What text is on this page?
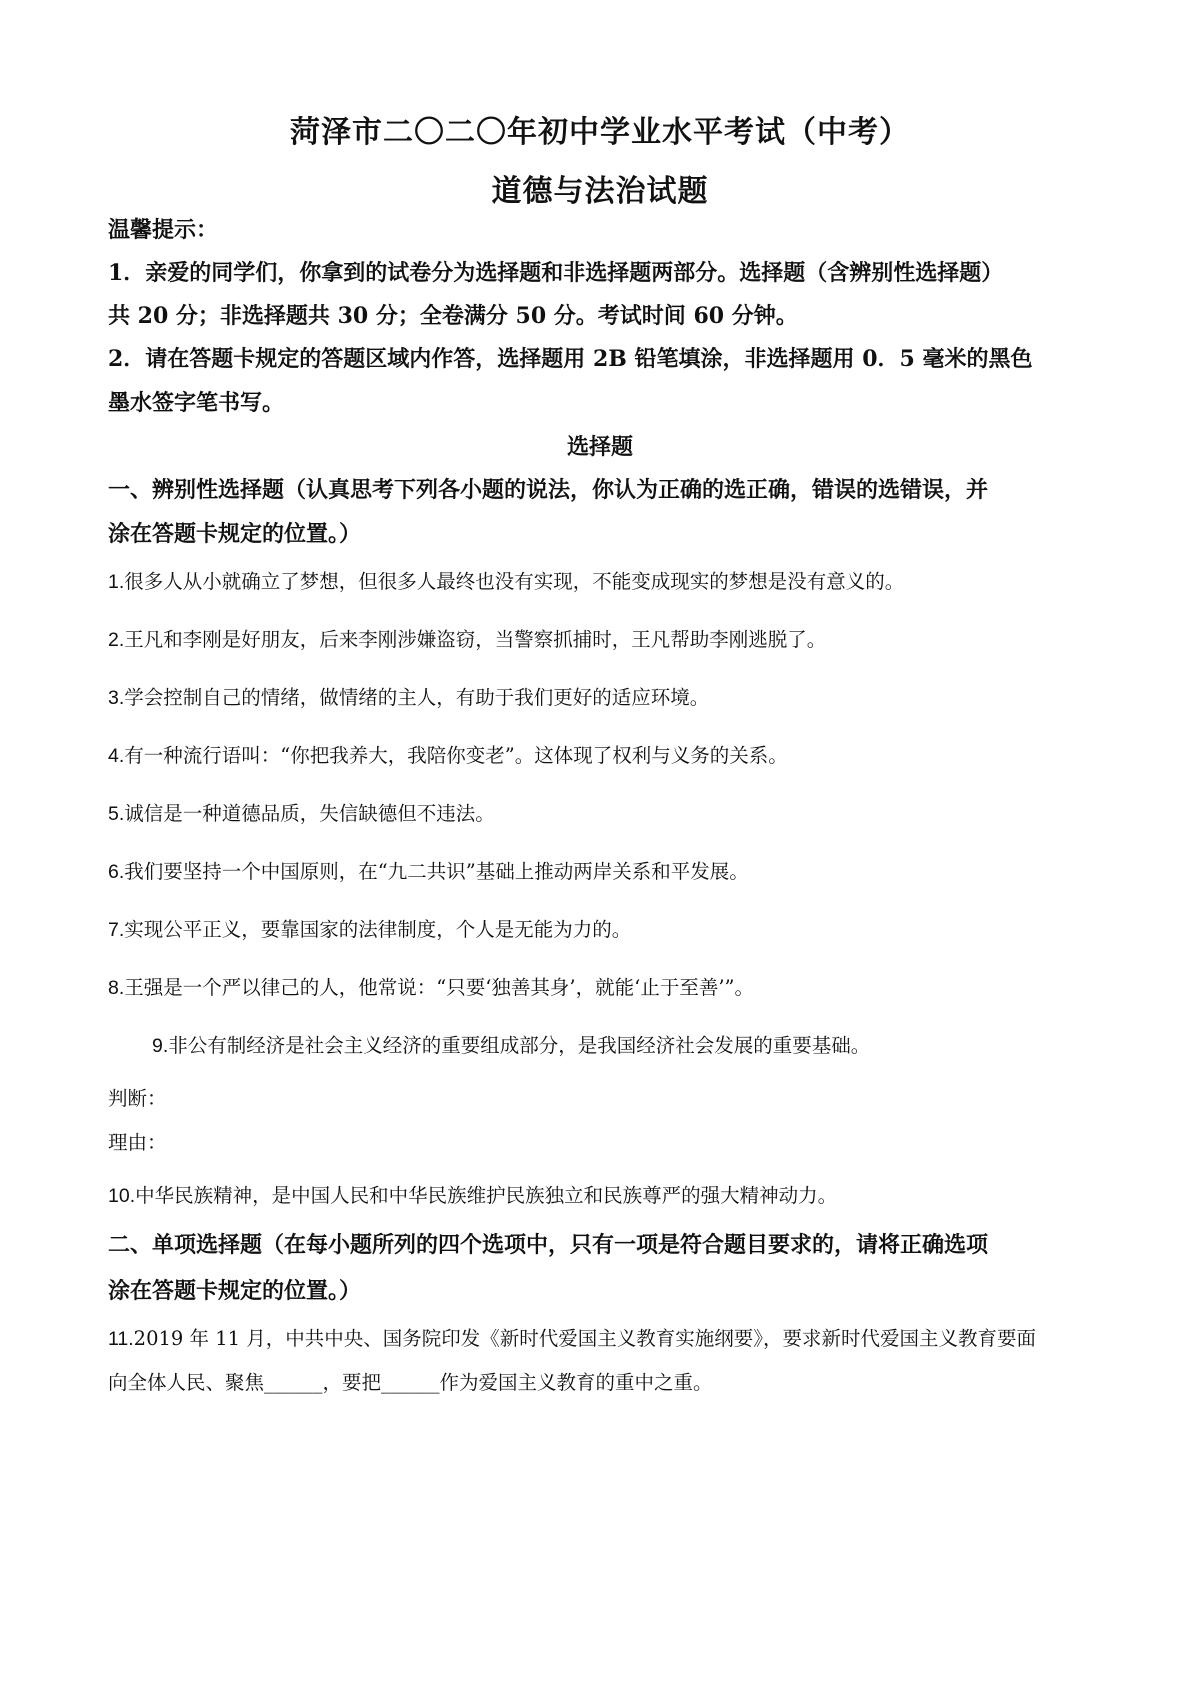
菏泽市二〇二〇年初中学业水平考试（中考）
道德与法治试题
温馨提示：
1．亲爱的同学们，你拿到的试卷分为选择题和非选择题两部分。选择题（含辨别性选择题）
共 20 分；非选择题共 30 分；全卷满分 50 分。考试时间 60 分钟。
2．请在答题卡规定的答题区域内作答，选择题用 2B 铅笔填涂，非选择题用 0．5 毫米的黑色
墨水签字笔书写。
选择题
一、辨别性选择题（认真思考下列各小题的说法，你认为正确的选正确，错误的选错误，并
涂在答题卡规定的位置。）
1.很多人从小就确立了梦想，但很多人最终也没有实现，不能变成现实的梦想是没有意义的。
2.王凡和李刚是好朋友，后来李刚涉嫌盗窃，当警察抓捕时，王凡帮助李刚逃脱了。
3.学会控制自己的情绪，做情绪的主人，有助于我们更好的适应环境。
4.有一种流行语叫：“你把我养大，我陪你变老”。这体现了权利与义务的关系。
5.诚信是一种道德品质，失信缺德但不违法。
6.我们要坚持一个中国原则，在“九二共识”基础上推动两岸关系和平发展。
7.实现公平正义，要靠国家的法律制度，个人是无能为力的。
8.王强是一个严以律己的人，他常说：“只要‘独善其身’，就能‘止于至善’”。
9.非公有制经济是社会主义经济的重要组成部分，是我国经济社会发展的重要基础。
判断：
理由：
10.中华民族精神，是中国人民和中华民族维护民族独立和民族尊严的强大精神动力。
二、单项选择题（在每小题所列的四个选项中，只有一项是符合题目要求的，请将正确选项
涂在答题卡规定的位置。）
11.2019 年 11 月，中共中央、国务院印发《新时代爱国主义教育实施纲要》，要求新时代爱国主义教育要面
向全体人民、聚焦______，要把______作为爱国主义教育的重中之重。
